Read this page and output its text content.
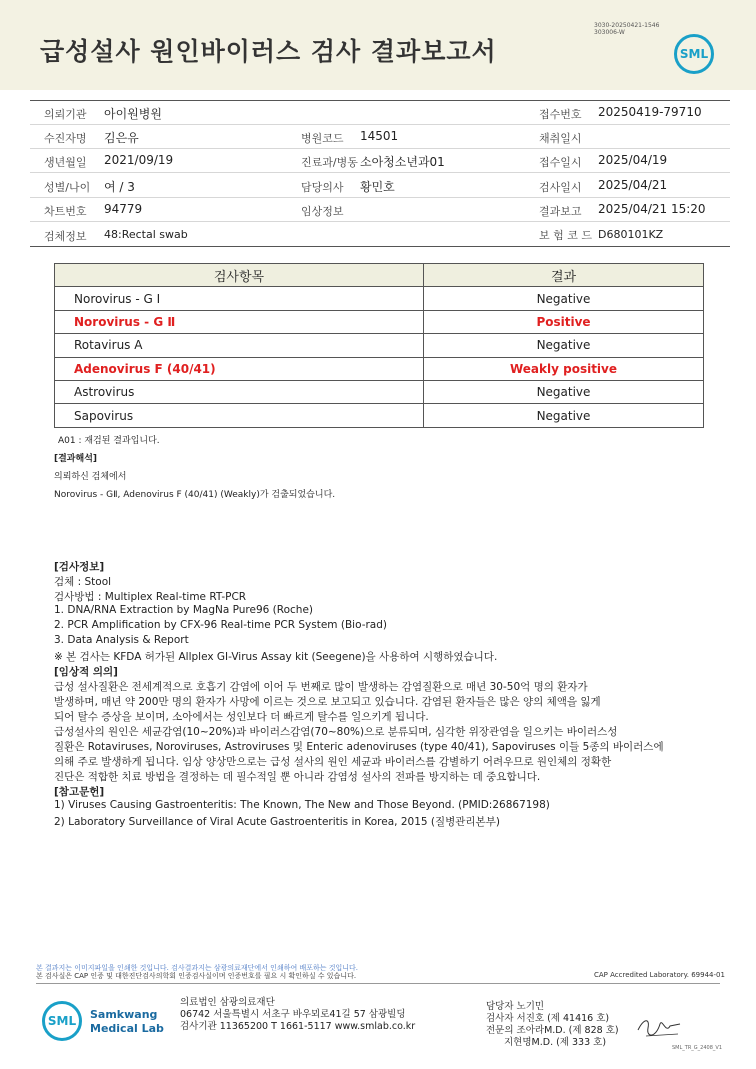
급성설사 원인바이러스 검사 결과보고서
3030-20250421-1546
303006-W
SML
의뢰기관 아이원병원	접수번호 20250419-79710
수진자명 김은유	병원코드 14501	채취일시
생년월일 2021/09/19	진료과/병동 소아청소년과01	접수일시 2025/04/19
성별/나이 여 / 3	담당의사 황민호	검사일시 2025/04/21
차트번호 94779	임상정보	결과보고 2025/04/21 15:20
검체정보 48:Rectal swab	보 험 코 드 D680101KZ
검사항목	결과
Norovirus - G Ⅰ	Negative
Norovirus - G Ⅱ	Positive
Rotavirus A	Negative
Adenovirus F (40/41)	Weakly positive
Astrovirus	Negative
Sapovirus	Negative
A01 : 재검된 결과입니다.
[결과해석]
의뢰하신 검체에서
Norovirus - GⅡ, Adenovirus F (40/41) (Weakly)가 검출되었습니다.
[검사정보]
검체 : Stool
검사방법 : Multiplex Real-time RT-PCR
1. DNA/RNA Extraction by MagNa Pure96 (Roche)
2. PCR Amplification by CFX-96 Real-time PCR System (Bio-rad)
3. Data Analysis & Report
※ 본 검사는 KFDA 허가된 Allplex GI-Virus Assay kit (Seegene)을 사용하여 시행하였습니다.
[임상적 의의]
급성 설사질환은 전세계적으로 호흡기 감염에 이어 두 번째로 많이 발생하는 감염질환으로 매년 30-50억 명의 환자가
발생하며, 매년 약 200만 명의 환자가 사망에 이르는 것으로 보고되고 있습니다. 감염된 환자들은 많은 양의 체액을 잃게
되어 탈수 증상을 보이며, 소아에서는 성인보다 더 빠르게 탈수를 일으키게 됩니다.
급성설사의 원인은 세균감염(10~20%)과 바이러스감염(70~80%)으로 분류되며, 심각한 위장관염을 일으키는 바이러스성
질환은 Rotaviruses, Noroviruses, Astroviruses 및 Enteric adenoviruses (type 40/41), Sapoviruses 이들 5종의 바이러스에
의해 주로 발생하게 됩니다. 임상 양상만으로는 급성 설사의 원인 세균과 바이러스를 감별하기 어려우므로 원인체의 정확한
진단은 적합한 치료 방법을 결정하는 데 필수적일 뿐 아니라 감염성 설사의 전파를 방지하는 데 중요합니다.
[참고문헌]
1) Viruses Causing Gastroenteritis: The Known, The New and Those Beyond. (PMID:26867198)
2) Laboratory Surveillance of Viral Acute Gastroenteritis in Korea, 2015 (질병관리본부)
본 결과지는 이미지파일을 인쇄한 것입니다. 검사결과지는 삼광의료재단에서 인쇄하여 배포하는 것입니다.
본 검사실은 CAP 인증 및 대한진단검사의학회 인증검사실이며 인증번호를 필요 시 확인하실 수 있습니다.	CAP Accredited Laboratory. 69944-01
SML	Samkwang
Medical Lab
의료법인 삼광의료재단
06742 서울특별시 서초구 바우뫼로41길 57 삼광빌딩
검사기관 11365200 T 1661-5117 www.smlab.co.kr
담당자 노기민
검사자 서진호 (제 41416 호)
전문의 조아라M.D. (제 828 호)
지현명M.D. (제 333 호)	SML_TR_G_2408_V1
